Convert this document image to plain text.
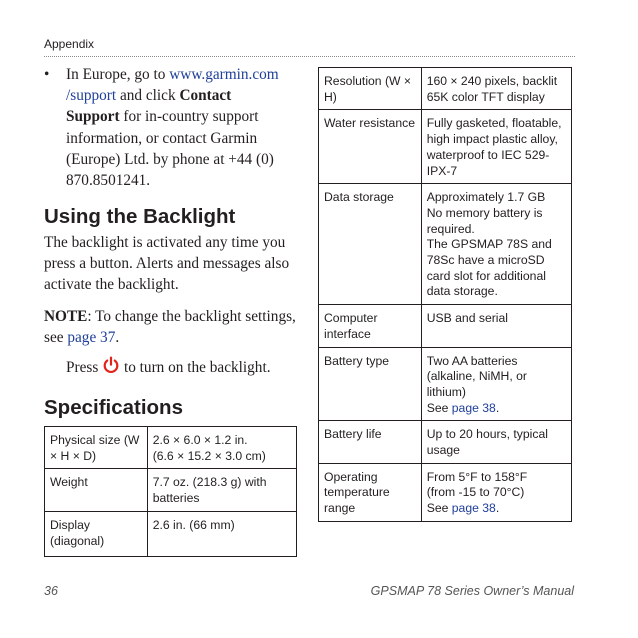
Appendix
• In Europe, go to www.garmin.com
/support and click Contact
Support for in-country support information, or contact Garmin (Europe) Ltd. by phone at +44 (0) 870.8501241.
Using the Backlight

The backlight is activated any time you press a button. Alerts and messages also activate the backlight.

NOTE: To change the backlight settings, see page 37.

Press  to turn on the backlight.
Specifications
Physical size (W × H × D)	2.6 × 6.0 × 1.2 in.
(6.6 × 15.2 × 3.0 cm)
Weight	7.7 oz. (218.3 g) with batteries
Display (diagonal)	2.6 in. (66 mm)
Resolution (W × H)	160 × 240 pixels, backlit 65K color TFT display
Water resistance	Fully gasketed, floatable, high impact plastic alloy, waterproof to IEC 529-IPX-7
Data storage	Approximately 1.7 GB
No memory battery is required.
The GPSMAP 78S and 78Sc have a microSD card slot for additional data storage.
Computer interface	USB and serial
Battery type	Two AA batteries (alkaline, NiMH, or lithium)
See page 38.
Battery life	Up to 20 hours, typical usage
Operating temperature range	From 5°F to 158°F
(from -15 to 70°C)
See page 38.
36	GPSMAP 78 Series Owner’s Manual
